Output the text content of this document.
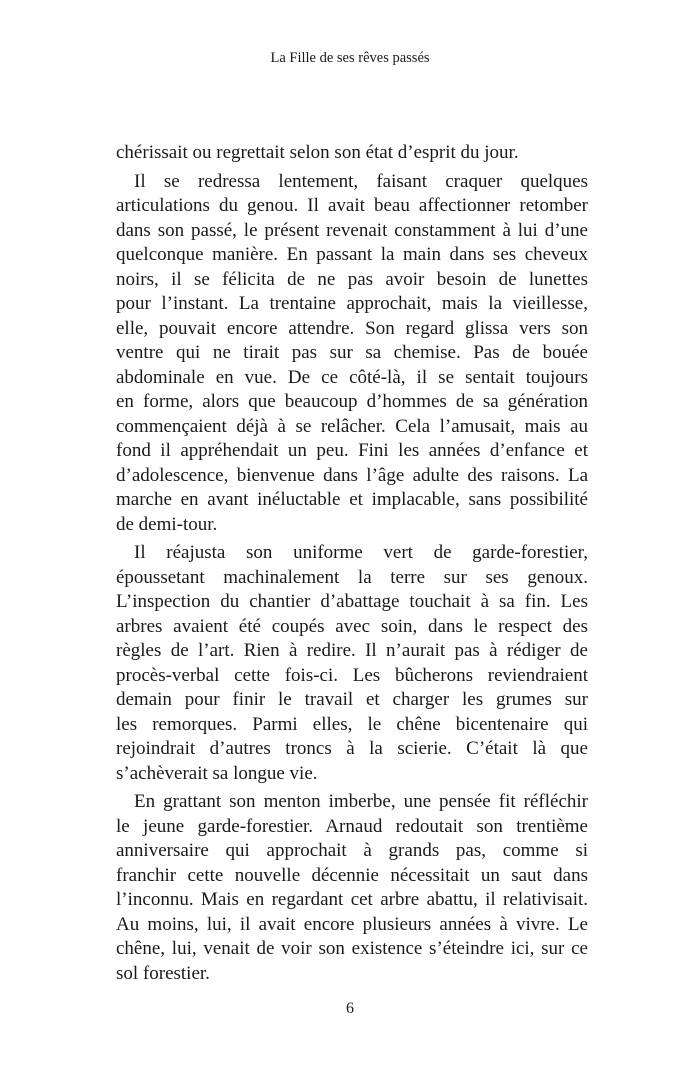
La Fille de ses rêves passés
chérissait ou regrettait selon son état d’esprit du jour.
Il se redressa lentement, faisant craquer quelques
articulations du genou. Il avait beau affectionner retomber
dans son passé, le présent revenait constamment à lui d’une
quelconque manière. En passant la main dans ses cheveux
noirs, il se félicita de ne pas avoir besoin de lunettes
pour l’instant. La trentaine approchait, mais la vieillesse,
elle, pouvait encore attendre. Son regard glissa vers son
ventre qui ne tirait pas sur sa chemise. Pas de bouée
abdominale en vue. De ce côté-là, il se sentait toujours
en forme, alors que beaucoup d’hommes de sa génération
commençaient déjà à se relâcher. Cela l’amusait, mais au
fond il appréhendait un peu. Fini les années d’enfance et
d’adolescence, bienvenue dans l’âge adulte des raisons. La
marche en avant inéluctable et implacable, sans possibilité
de demi-tour.
Il réajusta son uniforme vert de garde-forestier,
époussetant machinalement la terre sur ses genoux.
L’inspection du chantier d’abattage touchait à sa fin. Les
arbres avaient été coupés avec soin, dans le respect des
règles de l’art. Rien à redire. Il n’aurait pas à rédiger de
procès-verbal cette fois-ci. Les bûcherons reviendraient
demain pour finir le travail et charger les grumes sur
les remorques. Parmi elles, le chêne bicentenaire qui
rejoindrait d’autres troncs à la scierie. C’était là que
s’achèverait sa longue vie.
En grattant son menton imberbe, une pensée fit réfléchir
le jeune garde-forestier. Arnaud redoutait son trentième
anniversaire qui approchait à grands pas, comme si
franchir cette nouvelle décennie nécessitait un saut dans
l’inconnu. Mais en regardant cet arbre abattu, il relativisait.
Au moins, lui, il avait encore plusieurs années à vivre. Le
chêne, lui, venait de voir son existence s’éteindre ici, sur ce
sol forestier.
6
